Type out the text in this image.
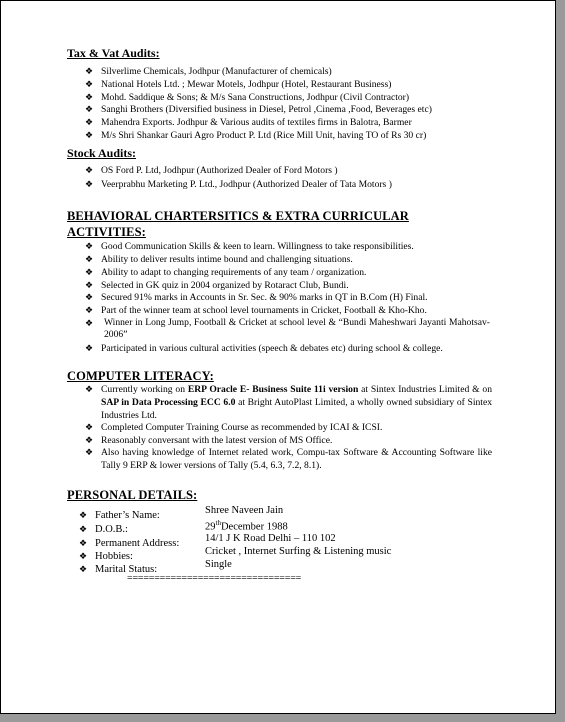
Tax & Vat Audits:
❖ Silverlime Chemicals, Jodhpur (Manufacturer of chemicals)
❖ National Hotels Ltd. ; Mewar Motels, Jodhpur (Hotel, Restaurant Business)
❖ Mohd. Saddique & Sons; & M/s Sana Constructions, Jodhpur (Civil Contractor)
❖ Sanghi Brothers (Diversified business in Diesel, Petrol ,Cinema ,Food, Beverages etc)
❖ Mahendra Exports. Jodhpur & Various audits of textiles firms in Balotra, Barmer
❖ M/s Shri Shankar Gauri Agro Product P. Ltd (Rice Mill Unit, having TO of Rs 30 cr)
Stock Audits:
❖ OS Ford P. Ltd, Jodhpur (Authorized Dealer of Ford Motors )
❖ Veerprabhu Marketing P. Ltd., Jodhpur (Authorized Dealer of Tata Motors )
BEHAVIORAL CHARTERSITICS & EXTRA CURRICULAR
ACTIVITIES:
❖ Good Communication Skills & keen to learn. Willingness to take responsibilities.
❖ Ability to deliver results intime bound and challenging situations.
❖ Ability to adapt to changing requirements of any team / organization.
❖ Selected in GK quiz in 2004 organized by Rotaract Club, Bundi.
❖ Secured 91% marks in Accounts in Sr. Sec. & 90% marks in QT in B.Com (H) Final.
❖ Part of the winner team at school level tournaments in Cricket, Football & Kho-Kho.
❖	Winner in Long Jump, Football & Cricket at school level & “Bundi Maheshwari Jayanti Mahotsav- 2006”
❖ Participated in various cultural activities (speech & debates etc) during school & college.
COMPUTER LITERACY:
❖ Currently working on ERP Oracle E- Business Suite 11i version at Sintex Industries Limited & on SAP in Data Processing ECC 6.0 at Bright AutoPlast Limited, a wholly owned subsidiary of Sintex Industries Ltd.
❖ Completed Computer Training Course as recommended by ICAI & ICSI.
❖ Reasonably conversant with the latest version of MS Office.
❖ Also having knowledge of Internet related work, Compu-tax Software & Accounting Software like Tally 9 ERP & lower versions of Tally (5.4, 6.3, 7.2, 8.1).
PERSONAL DETAILS:
❖ Father’s Name:	Shree Naveen Jain
❖ D.O.B.:	29thDecember 1988
❖ Permanent Address: 14/1 J K Road Delhi – 110 102
❖ Hobbies:	Cricket , Internet Surfing & Listening music
❖ Marital Status:	Single
================================
